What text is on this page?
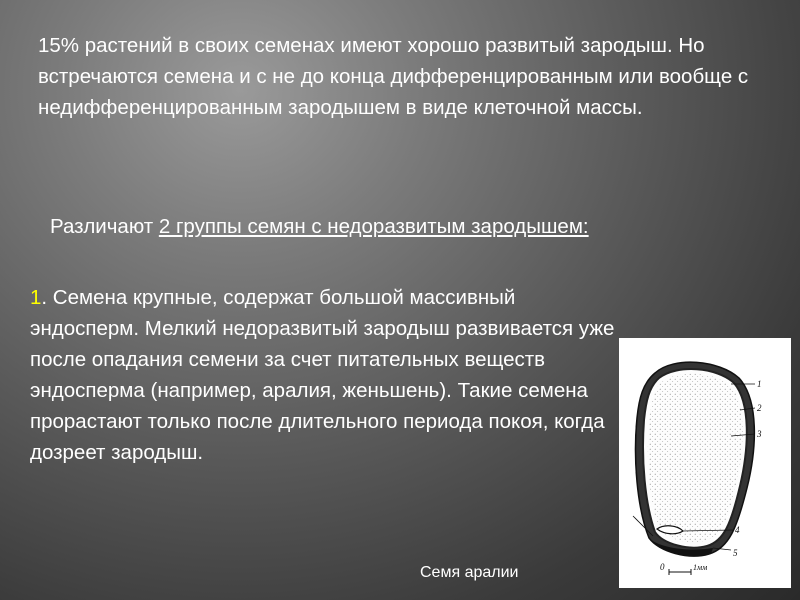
15% растений в своих семенах имеют хорошо развитый зародыш. Но встречаются семена и с не до конца дифференцированным или вообще с недифференцированным зародышем в виде клеточной массы.
Различают 2 группы семян с недоразвитым зародышем:
1. Семена крупные, содержат большой массивный эндосперм. Мелкий недоразвитый зародыш развивается уже после опадания семени за счет питательных веществ эндосперма (например, аралия, женьшень). Такие семена прорастают только после длительного периода покоя, когда дозреет зародыш.
1
2
3
4
5
0	1мм
Семя аралии
